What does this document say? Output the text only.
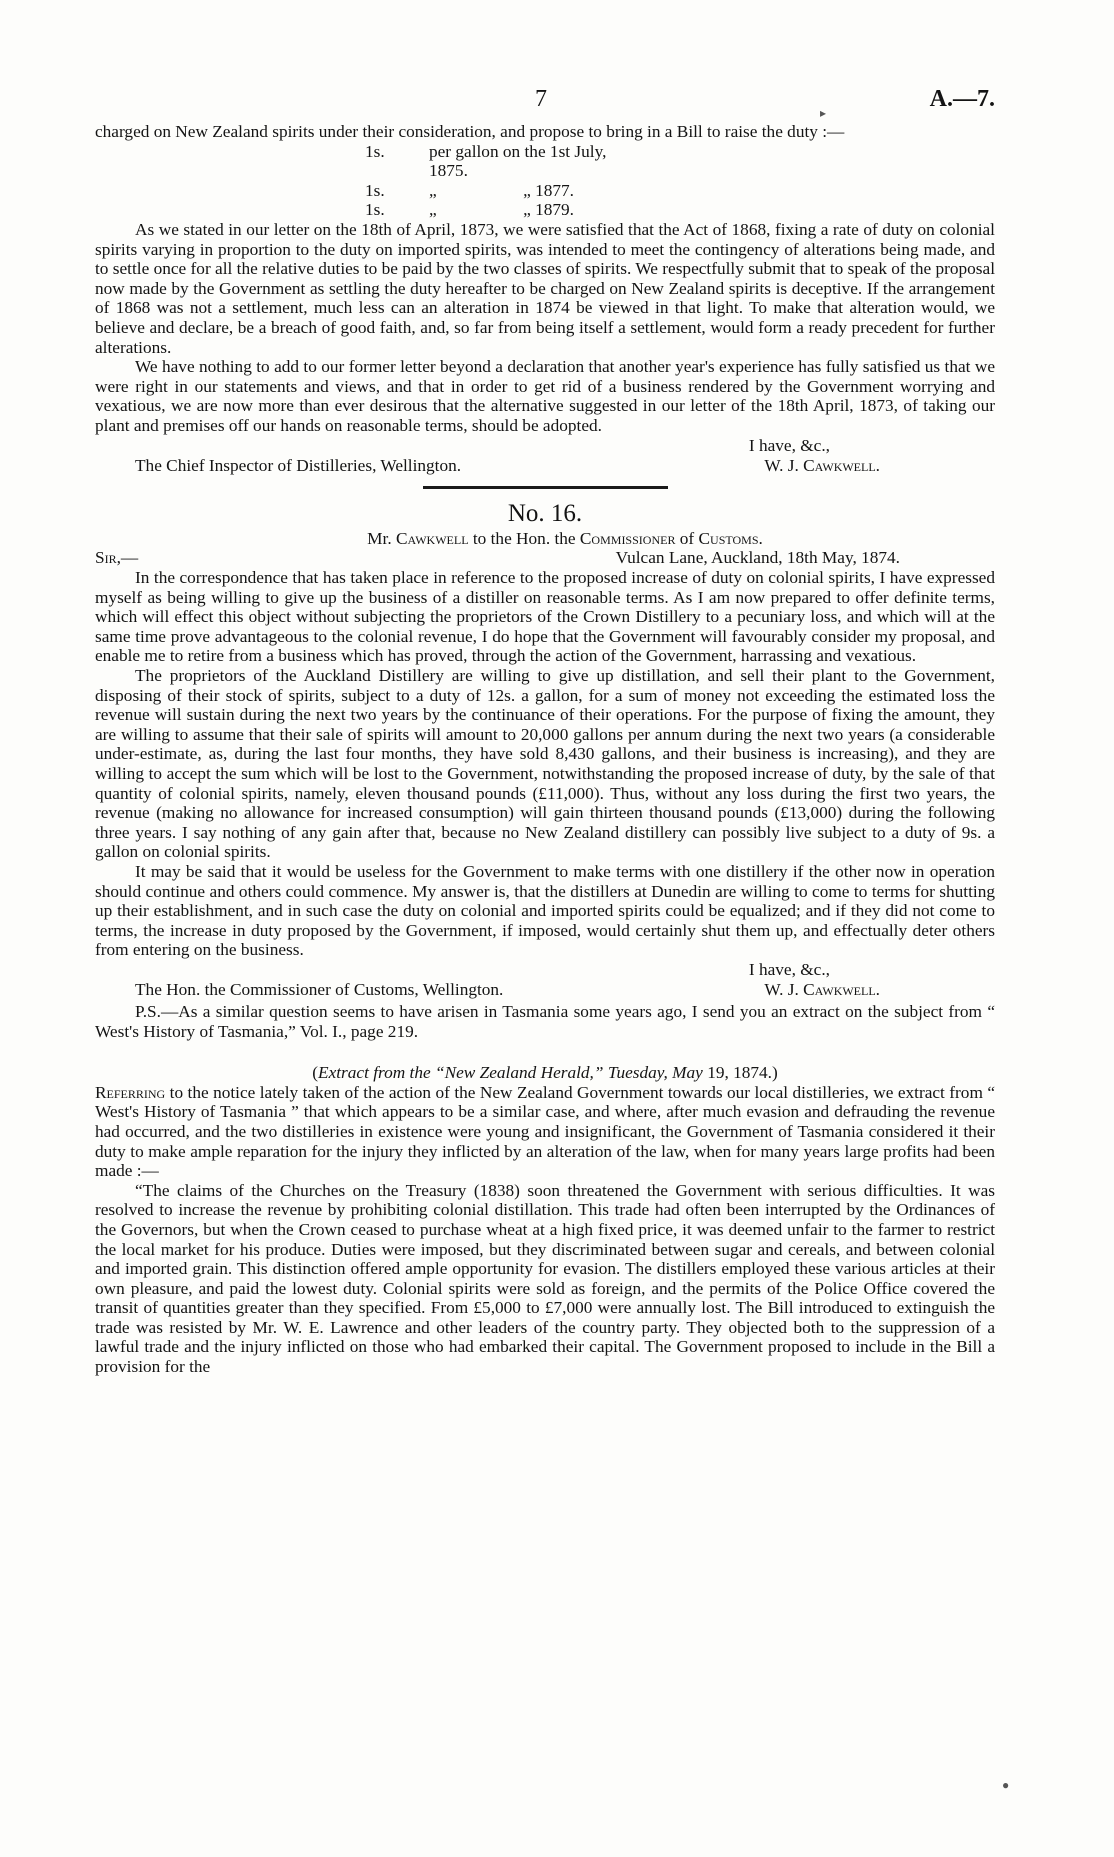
7	A.—7.

charged on New Zealand spirits under their consideration, and propose to bring in a Bill to raise the duty :—

1s.	per gallon on the 1st July, 1875.
1s.	„                    „ 1877.
1s.	„                    „ 1879.

As we stated in our letter on the 18th of April, 1873, we were satisfied that the Act of 1868, fixing a rate of duty on colonial spirits varying in proportion to the duty on imported spirits, was intended to meet the contingency of alterations being made, and to settle once for all the relative duties to be paid by the two classes of spirits. We respectfully submit that to speak of the proposal now made by the Government as settling the duty hereafter to be charged on New Zealand spirits is deceptive. If the arrangement of 1868 was not a settlement, much less can an alteration in 1874 be viewed in that light. To make that alteration would, we believe and declare, be a breach of good faith, and, so far from being itself a settlement, would form a ready precedent for further alterations.

We have nothing to add to our former letter beyond a declaration that another year's experience has fully satisfied us that we were right in our statements and views, and that in order to get rid of a business rendered by the Government worrying and vexatious, we are now more than ever desirous that the alternative suggested in our letter of the 18th April, 1873, of taking our plant and premises off our hands on reasonable terms, should be adopted.

I have, &c.,
The Chief Inspector of Distilleries, Wellington.	W. J. Cawkwell.
No. 16.
Mr. Cawkwell to the Hon. the Commissioner of Customs.
Sir,—	Vulcan Lane, Auckland, 18th May, 1874.

In the correspondence that has taken place in reference to the proposed increase of duty on colonial spirits, I have expressed myself as being willing to give up the business of a distiller on reasonable terms. As I am now prepared to offer definite terms, which will effect this object without subjecting the proprietors of the Crown Distillery to a pecuniary loss, and which will at the same time prove advantageous to the colonial revenue, I do hope that the Government will favourably consider my proposal, and enable me to retire from a business which has proved, through the action of the Government, harrassing and vexatious.

The proprietors of the Auckland Distillery are willing to give up distillation, and sell their plant to the Government, disposing of their stock of spirits, subject to a duty of 12s. a gallon, for a sum of money not exceeding the estimated loss the revenue will sustain during the next two years by the continuance of their operations. For the purpose of fixing the amount, they are willing to assume that their sale of spirits will amount to 20,000 gallons per annum during the next two years (a considerable under-estimate, as, during the last four months, they have sold 8,430 gallons, and their business is increasing), and they are willing to accept the sum which will be lost to the Government, notwithstanding the proposed increase of duty, by the sale of that quantity of colonial spirits, namely, eleven thousand pounds (£11,000). Thus, without any loss during the first two years, the revenue (making no allowance for increased consumption) will gain thirteen thousand pounds (£13,000) during the following three years. I say nothing of any gain after that, because no New Zealand distillery can possibly live subject to a duty of 9s. a gallon on colonial spirits.

It may be said that it would be useless for the Government to make terms with one distillery if the other now in operation should continue and others could commence. My answer is, that the distillers at Dunedin are willing to come to terms for shutting up their establishment, and in such case the duty on colonial and imported spirits could be equalized; and if they did not come to terms, the increase in duty proposed by the Government, if imposed, would certainly shut them up, and effectually deter others from entering on the business.

I have, &c.,
The Hon. the Commissioner of Customs, Wellington.	W. J. Cawkwell.

P.S.—As a similar question seems to have arisen in Tasmania some years ago, I send you an extract on the subject from “ West's History of Tasmania,” Vol. I., page 219.

(Extract from the “New Zealand Herald,” Tuesday, May 19, 1874.)

Referring to the notice lately taken of the action of the New Zealand Government towards our local distilleries, we extract from “ West's History of Tasmania ” that which appears to be a similar case, and where, after much evasion and defrauding the revenue had occurred, and the two distilleries in existence were young and insignificant, the Government of Tasmania considered it their duty to make ample reparation for the injury they inflicted by an alteration of the law, when for many years large profits had been made :—

“The claims of the Churches on the Treasury (1838) soon threatened the Government with serious difficulties. It was resolved to increase the revenue by prohibiting colonial distillation. This trade had often been interrupted by the Ordinances of the Governors, but when the Crown ceased to purchase wheat at a high fixed price, it was deemed unfair to the farmer to restrict the local market for his produce. Duties were imposed, but they discriminated between sugar and cereals, and between colonial and imported grain. This distinction offered ample opportunity for evasion. The distillers employed these various articles at their own pleasure, and paid the lowest duty. Colonial spirits were sold as foreign, and the permits of the Police Office covered the transit of quantities greater than they specified. From £5,000 to £7,000 were annually lost. The Bill introduced to extinguish the trade was resisted by Mr. W. E. Lawrence and other leaders of the country party. They objected both to the suppression of a lawful trade and the injury inflicted on those who had embarked their capital. The Government proposed to include in the Bill a provision for the

▸
●
